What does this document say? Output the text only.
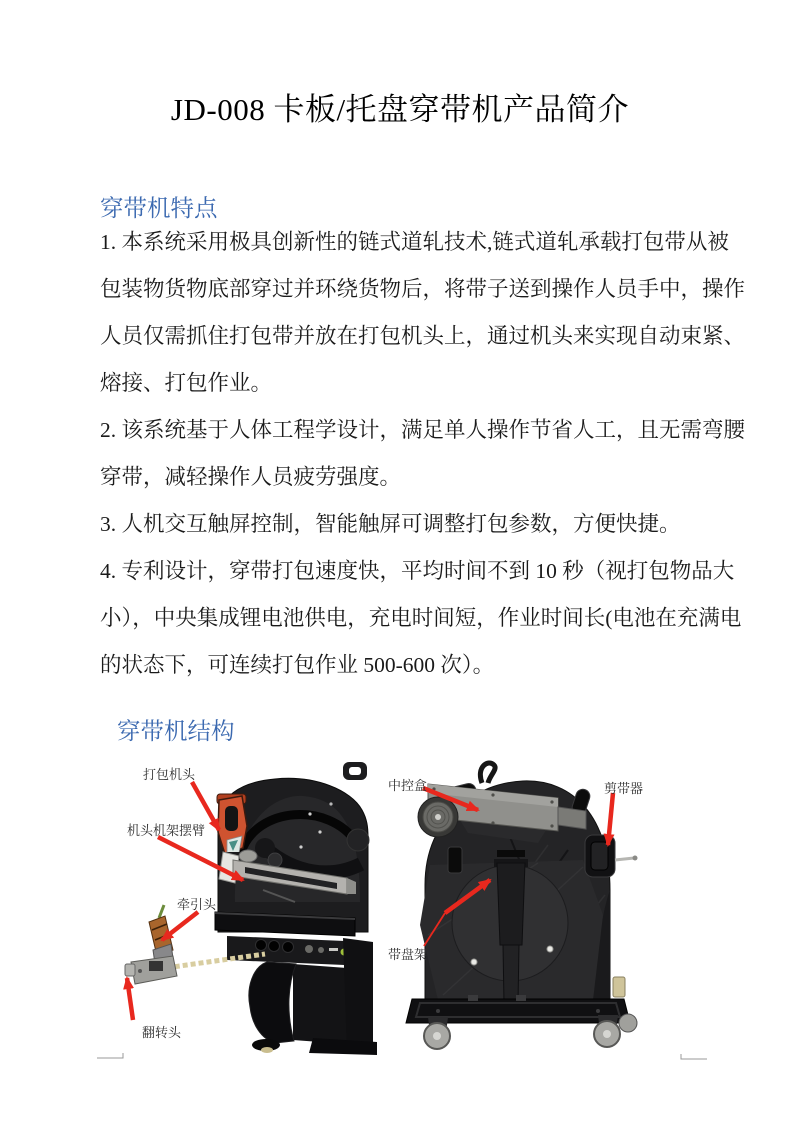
JD-008 卡板/托盘穿带机产品简介
穿带机特点
1. 本系统采用极具创新性的链式道轧技术,链式道轧承载打包带从被
包装物货物底部穿过并环绕货物后，将带子送到操作人员手中，操作
人员仅需抓住打包带并放在打包机头上，通过机头来实现自动束紧、
熔接、打包作业。
2. 该系统基于人体工程学设计，满足单人操作节省人工，且无需弯腰
穿带，减轻操作人员疲劳强度。
3. 人机交互触屏控制，智能触屏可调整打包参数，方便快捷。
4. 专利设计，穿带打包速度快，平均时间不到 10 秒（视打包物品大
小），中央集成锂电池供电，充电时间短，作业时间长(电池在充满电
的状态下，可连续打包作业 500-600 次）。
穿带机结构
打包机头
机头机架摆臂
牵引头
翻转头
中控盒	剪带器
带盘架
